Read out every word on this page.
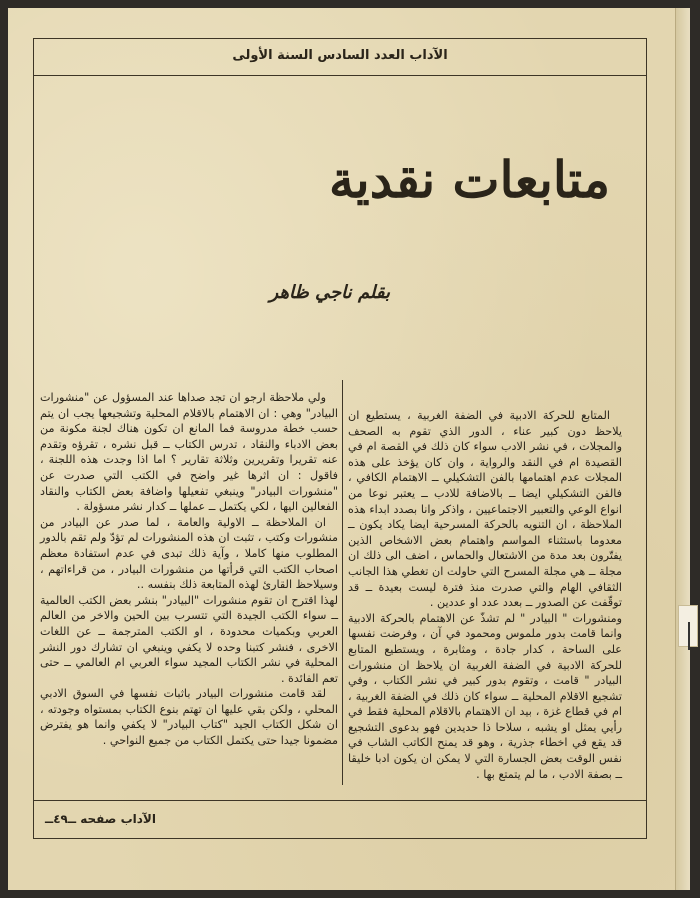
الآداب العدد السادس السنة الأولى
متابعات نقدية
بقلم ناجي ظاهر

المتابع للحركة الادبية في الضفة الغربية ، يستطيع ان يلاحظ دون كبير عناء ، الدور الذي تقوم به الصحف والمجلات ، في نشر الادب سواء كان ذلك في القصة ام في القصيدة ام في النقد والرواية ، وان كان يؤخذ على هذه المجلات عدم اهتمامها بالفن التشكيلي ــ الاهتمام الكافي ، فالفن التشكيلي ايضا ــ بالاضافة للادب ــ يعتبر نوعا من انواع الوعي والتعبير الاجتماعيين ، واذكر وانا بصدد ابداء هذه الملاحظة ، ان التنويه بالحركة المسرحية ايضا يكاد يكون ــ معدوما باستثناء المواسم واهتمام بعض الاشخاص الذين يفتّرون بعد مدة من الاشتعال والحماس ، اضف الى ذلك ان مجلة ــ هي مجلة المسرح التي حاولت ان تغطي هذا الجانب الثقافي الهام والتي صدرت منذ فترة ليست بعيدة ــ قد توقّفت عن الصدور ــ بعدد عدد او عددين .

ومنشورات " البيادر " لم تشذّ عن الاهتمام بالحركة الادبية وانما قامت بدور ملموس ومحمود في آن ، وفرضت نفسها على الساحة ، كدار جادة ، ومثابرة ، ويستطيع المتابع للحركة الادبية في الضفة الغربية ان يلاحظ ان منشورات البيادر " قامت ، وتقوم بدور كبير في نشر الكتاب ، وفي تشجيع الاقلام المحلية ــ سواء كان ذلك في الضفة الغربية ، ام في قطاع غزة ، بيد ان الاهتمام بالاقلام المحلية فقط في رأيي يمثل او يشبه ، سلاحا ذا حديدين فهو بدعوى التشجيع قد يقع في اخطاء جذرية ، وهو قد يمنح الكاتب الشاب في نفس الوقت بعض الجسارة التي لا يمكن ان يكون ادبا خليقا ــ بصفة الادب ، ما لم يتمتع بها .

ولي ملاحظة ارجو ان تجد صداها عند المسؤول عن "منشورات البيادر" وهي : ان الاهتمام بالاقلام المحلية وتشجيعها يجب ان يتم حسب خطة مدروسة فما المانع ان تكون هناك لجنة مكونة من بعض الادباء والنقاد ، تدرس الكتاب ــ قبل نشره ، تقرؤه وتقدم عنه تقريرا وتقريرين وثلاثة تقارير ؟ اما اذا وجدت هذه اللجنة ، فاقول : ان اثرها غير واضح في الكتب التي صدرت عن "منشورات البيادر" وينبغي تفعيلها واضافة بعض الكتاب والنقاد الفعالين اليها ، لكي يكتمل ــ عملها ــ كدار نشر مسؤولة .

ان الملاحظة ــ الاولية والعامة ، لما صدر عن البيادر من منشورات وكتب ، تثبت ان هذه المنشورات لم تؤدّ ولم تقم بالدور المطلوب منها كاملا ، وآية ذلك تبدى في عدم استفادة معظم اصحاب الكتب التي قرأتها من منشورات البيادر ، من قراءاتهم ، وسيلاحظ القارئ لهذه المتابعة ذلك بنفسه ..

لهذا اقترح ان تقوم منشورات "البيادر" بنشر بعض الكتب العالمية ــ سواء الكتب الجيدة التي تتسرب بين الحين والاخر من العالم العربي وبكميات محدودة ، او الكتب المترجمة ــ عن اللغات الاخرى ، فنشر كتبنا وحده لا يكفي وينبغي ان تشارك دور النشر المحلية في نشر الكتاب المجيد سواء العربي ام العالمي ــ حتى تعم الفائدة .

لقد قامت منشورات البيادر باثبات نفسها في السوق الادبي المحلي ، ولكن بقي عليها ان تهتم بنوع الكتاب بمستواه وجودته ، ان شكل الكتاب الجيد "كتاب البيادر" لا يكفي وانما هو يفترض مضمونا جيدا حتى يكتمل الكتاب من جميع النواحي .

الآداب صفحه ــ٤٩ــ
